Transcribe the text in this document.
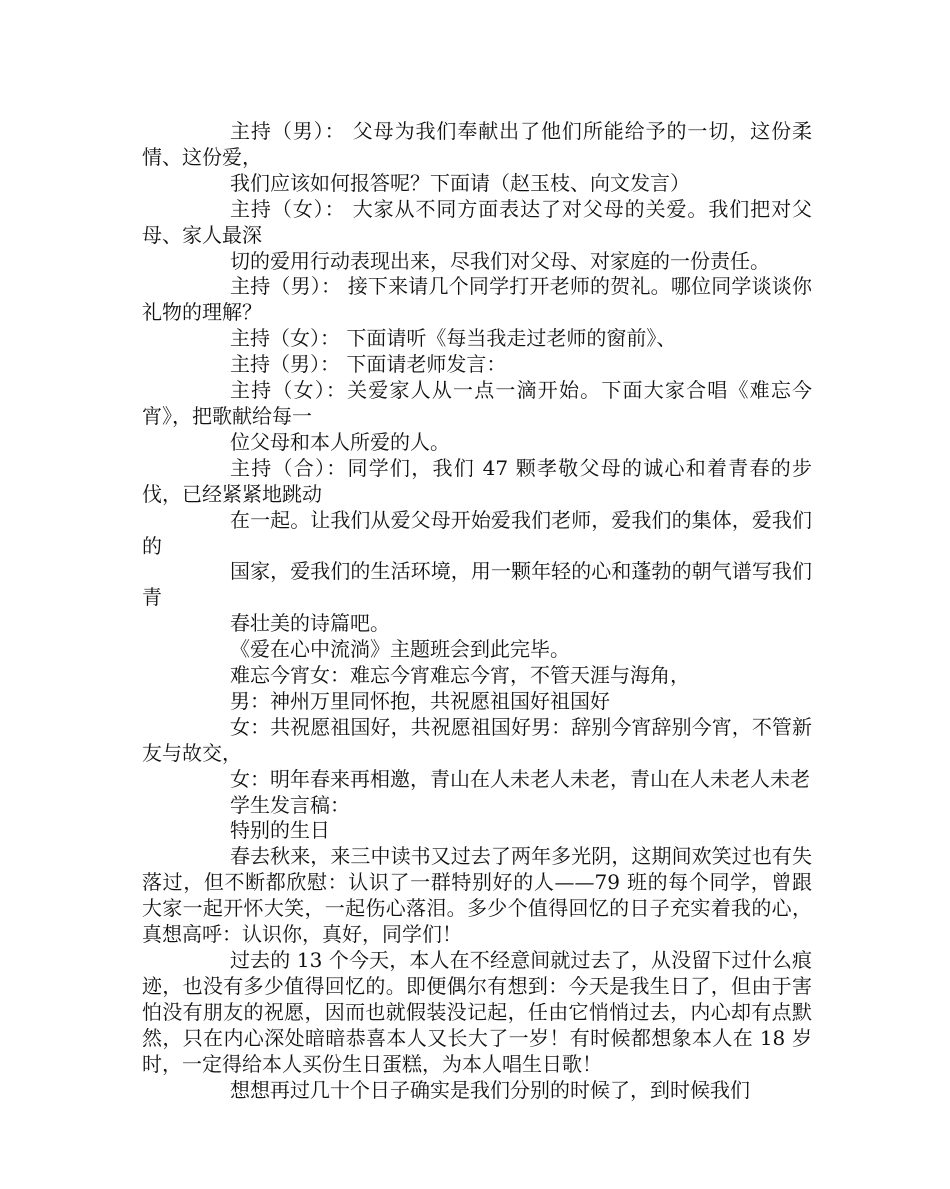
主持（男）： 父母为我们奉献出了他们所能给予的一切，这份柔情、这份爱，

我们应该如何报答呢？下面请（赵玉枝、向文发言）

主持（女）： 大家从不同方面表达了对父母的关爱。我们把对父母、家人最深

切的爱用行动表现出来，尽我们对父母、对家庭的一份责任。

主持（男）： 接下来请几个同学打开老师的贺礼。哪位同学谈谈你礼物的理解？

主持（女）： 下面请听《每当我走过老师的窗前》、

主持（男）： 下面请老师发言：

主持（女）：关爱家人从一点一滴开始。下面大家合唱《难忘今宵》，把歌献给每一

位父母和本人所爱的人。

主持（合）：同学们，我们 47 颗孝敬父母的诚心和着青春的步伐，已经紧紧地跳动

在一起。让我们从爱父母开始爱我们老师，爱我们的集体，爱我们的

国家，爱我们的生活环境，用一颗年轻的心和蓬勃的朝气谱写我们青

春壮美的诗篇吧。

《爱在心中流淌》主题班会到此完毕。

难忘今宵女：难忘今宵难忘今宵，不管天涯与海角，

男：神州万里同怀抱，共祝愿祖国好祖国好

女：共祝愿祖国好，共祝愿祖国好男：辞别今宵辞别今宵，不管新友与故交，

女：明年春来再相邀，青山在人未老人未老，青山在人未老人未老

学生发言稿：

特别的生日

春去秋来，来三中读书又过去了两年多光阴，这期间欢笑过也有失落过，但不断都欣慰：认识了一群特别好的人——79 班的每个同学，曾跟大家一起开怀大笑，一起伤心落泪。多少个值得回忆的日子充实着我的心，真想高呼：认识你，真好，同学们！

过去的 13 个今天，本人在不经意间就过去了，从没留下过什么痕迹，也没有多少值得回忆的。即便偶尔有想到：今天是我生日了，但由于害怕没有朋友的祝愿，因而也就假装没记起，任由它悄悄过去，内心却有点默然，只在内心深处暗暗恭喜本人又长大了一岁！有时候都想象本人在 18 岁时，一定得给本人买份生日蛋糕，为本人唱生日歌！

想想再过几十个日子确实是我们分别的时候了，到时候我们
